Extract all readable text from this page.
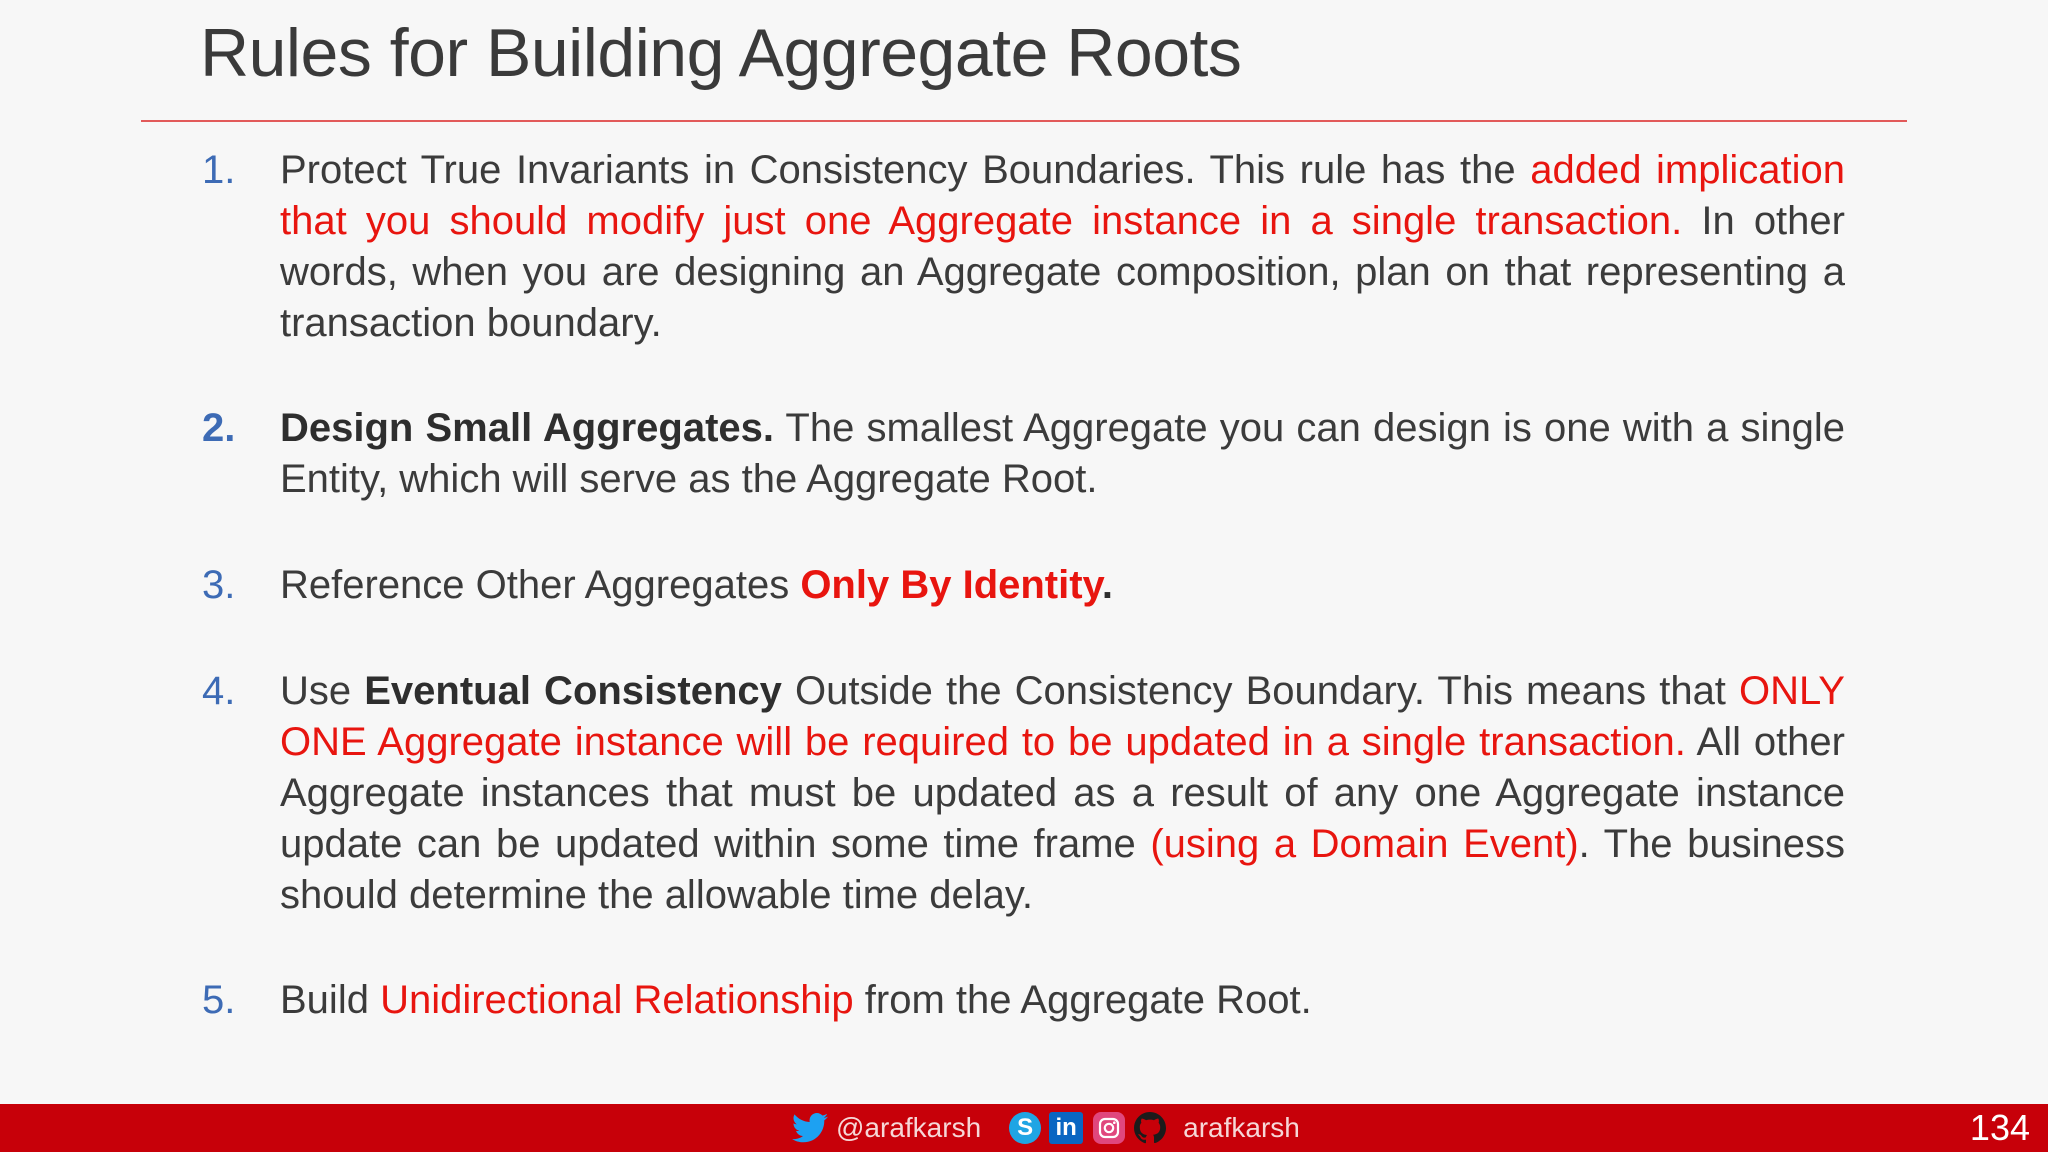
Rules for Building Aggregate Roots
1. Protect True Invariants in Consistency Boundaries. This rule has the added implication that you should modify just one Aggregate instance in a single transaction. In other words, when you are designing an Aggregate composition, plan on that representing a transaction boundary.
2. Design Small Aggregates. The smallest Aggregate you can design is one with a single Entity, which will serve as the Aggregate Root.
3. Reference Other Aggregates Only By Identity.
4. Use Eventual Consistency Outside the Consistency Boundary. This means that ONLY ONE Aggregate instance will be required to be updated in a single transaction. All other Aggregate instances that must be updated as a result of any one Aggregate instance update can be updated within some time frame (using a Domain Event). The business should determine the allowable time delay.
5. Build Unidirectional Relationship from the Aggregate Root.
@arafkarsh	S in	arafkarsh	134
